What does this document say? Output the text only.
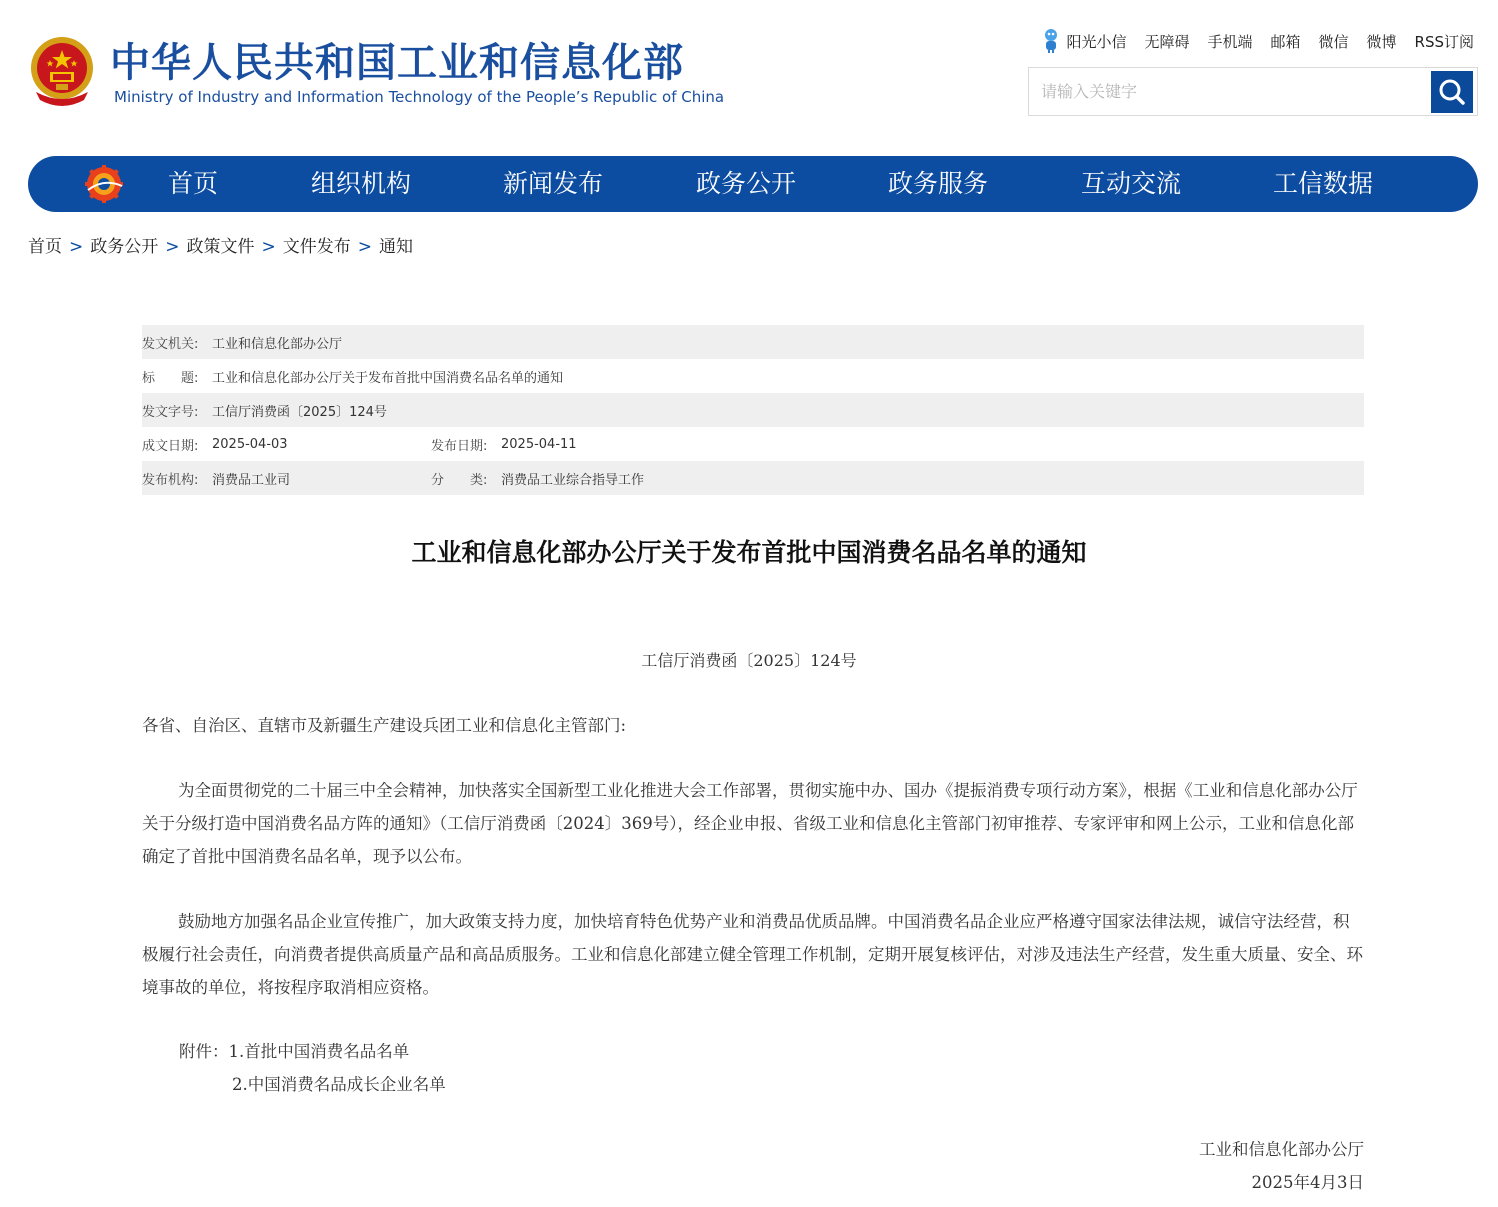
中华人民共和国工业和信息化部
Ministry of Industry and Information Technology of the People’s Republic of China
阳光小信 无障碍 手机端 邮箱 微信 微博 RSS订阅
请输入关键字
首页	组织机构	新闻发布	政务公开	政务服务	互动交流	工信数据
首页 > 政务公开 > 政策文件 > 文件发布 > 通知
发文机关:	工业和信息化部办公厅
标　　题:	工业和信息化部办公厅关于发布首批中国消费名品名单的通知
发文字号:	工信厅消费函〔2025〕124号
成文日期:	2025-04-03	发布日期:	2025-04-11
发布机构:	消费品工业司	分　　类:	消费品工业综合指导工作
工业和信息化部办公厅关于发布首批中国消费名品名单的通知
工信厅消费函〔2025〕124号
各省、自治区、直辖市及新疆生产建设兵团工业和信息化主管部门:
为全面贯彻党的二十届三中全会精神，加快落实全国新型工业化推进大会工作部署，贯彻实施中办、国办《提振消费专项行动方案》，根据《工业和信息化部办公厅关于分级打造中国消费名品方阵的通知》（工信厅消费函〔2024〕369号），经企业申报、省级工业和信息化主管部门初审推荐、专家评审和网上公示，工业和信息化部确定了首批中国消费名品名单，现予以公布。
鼓励地方加强名品企业宣传推广，加大政策支持力度，加快培育特色优势产业和消费品优质品牌。中国消费名品企业应严格遵守国家法律法规，诚信守法经营，积极履行社会责任，向消费者提供高质量产品和高品质服务。工业和信息化部建立健全管理工作机制，定期开展复核评估，对涉及违法生产经营，发生重大质量、安全、环境事故的单位，将按程序取消相应资格。
附件：1.首批中国消费名品名单
2.中国消费名品成长企业名单
工业和信息化部办公厅
2025年4月3日
